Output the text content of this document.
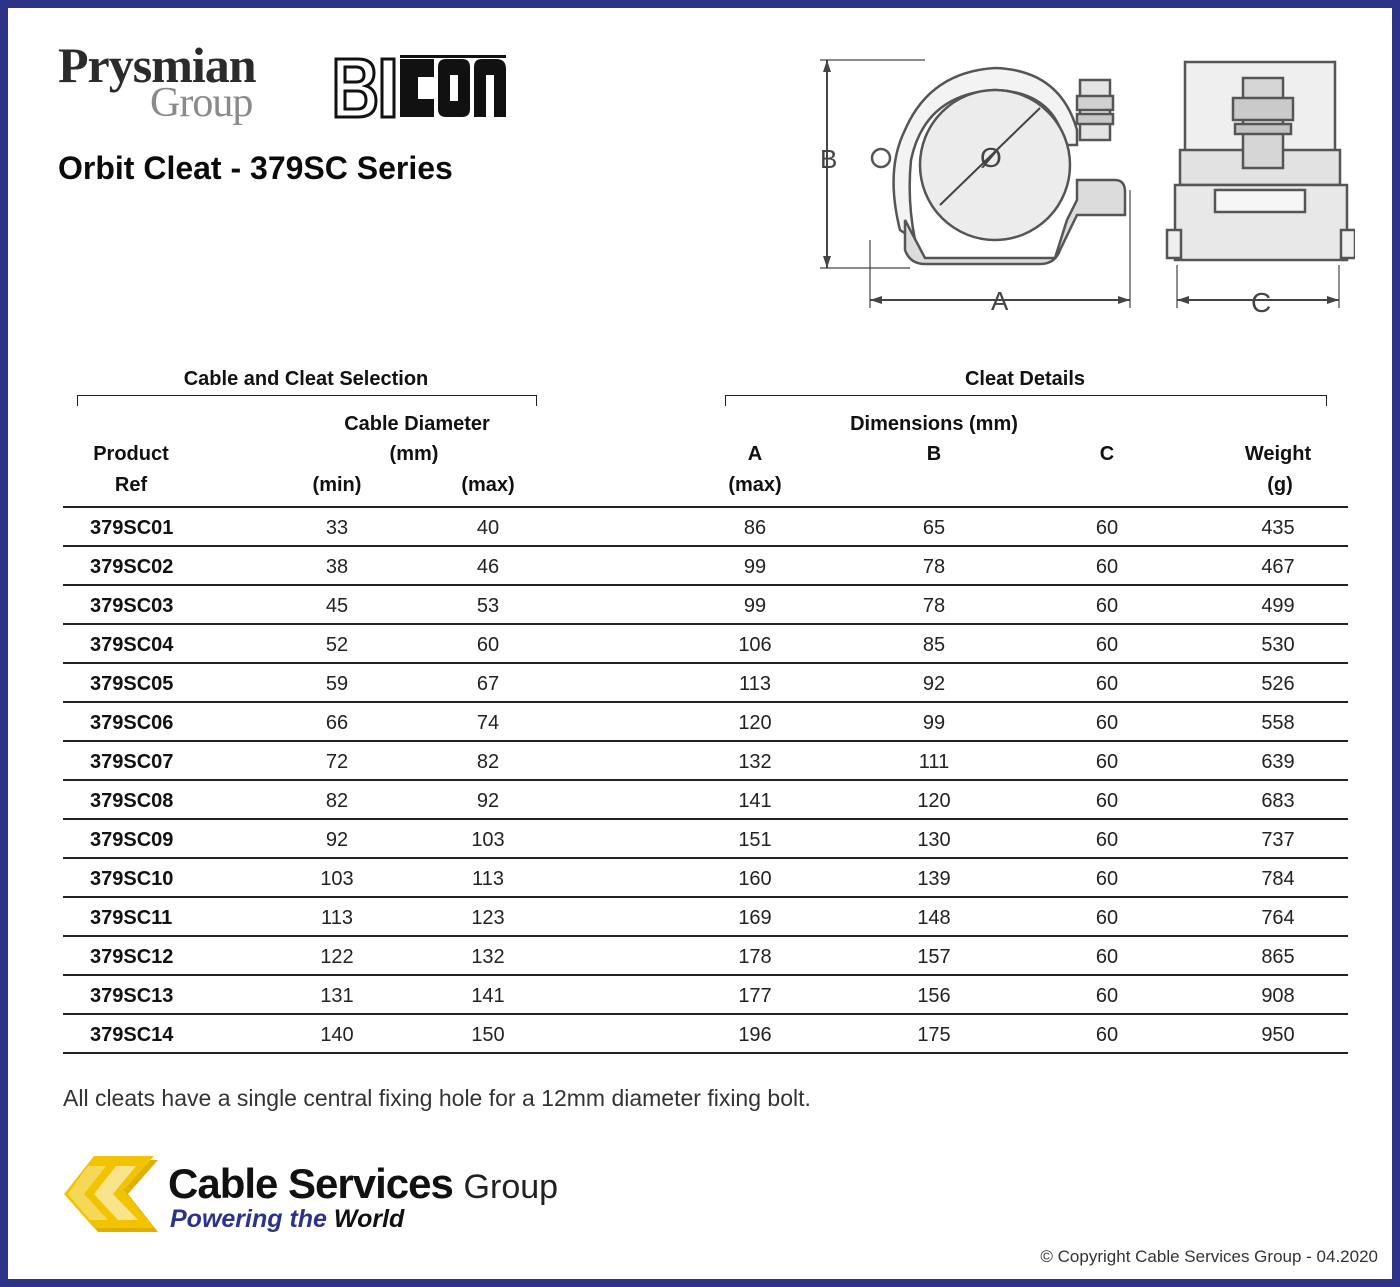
Prysmian
Group
Orbit Cleat - 379SC Series	Ø
B
A	C
Cable and Cleat Selection	Cleat Details
Product
Ref
Cable Diameter
(mm)
(min)	(max)
Dimensions (mm)
A
(max)
B	C	Weight
(g)
379SC01	33	40	86	65	60	435
379SC02	38	46	99	78	60	467
379SC03	45	53	99	78	60	499
379SC04	52	60	106	85	60	530
379SC05	59	67	113	92	60	526
379SC06	66	74	120	99	60	558
379SC07	72	82	132	111	60	639
379SC08	82	92	141	120	60	683
379SC09	92	103	151	130	60	737
379SC10	103	113	160	139	60	784
379SC11	113	123	169	148	60	764
379SC12	122	132	178	157	60	865
379SC13	131	141	177	156	60	908
379SC14	140	150	196	175	60	950
All cleats have a single central fixing hole for a 12mm diameter fixing bolt.
Cable Services Group
Powering the World
© Copyright Cable Services Group - 04.2020
